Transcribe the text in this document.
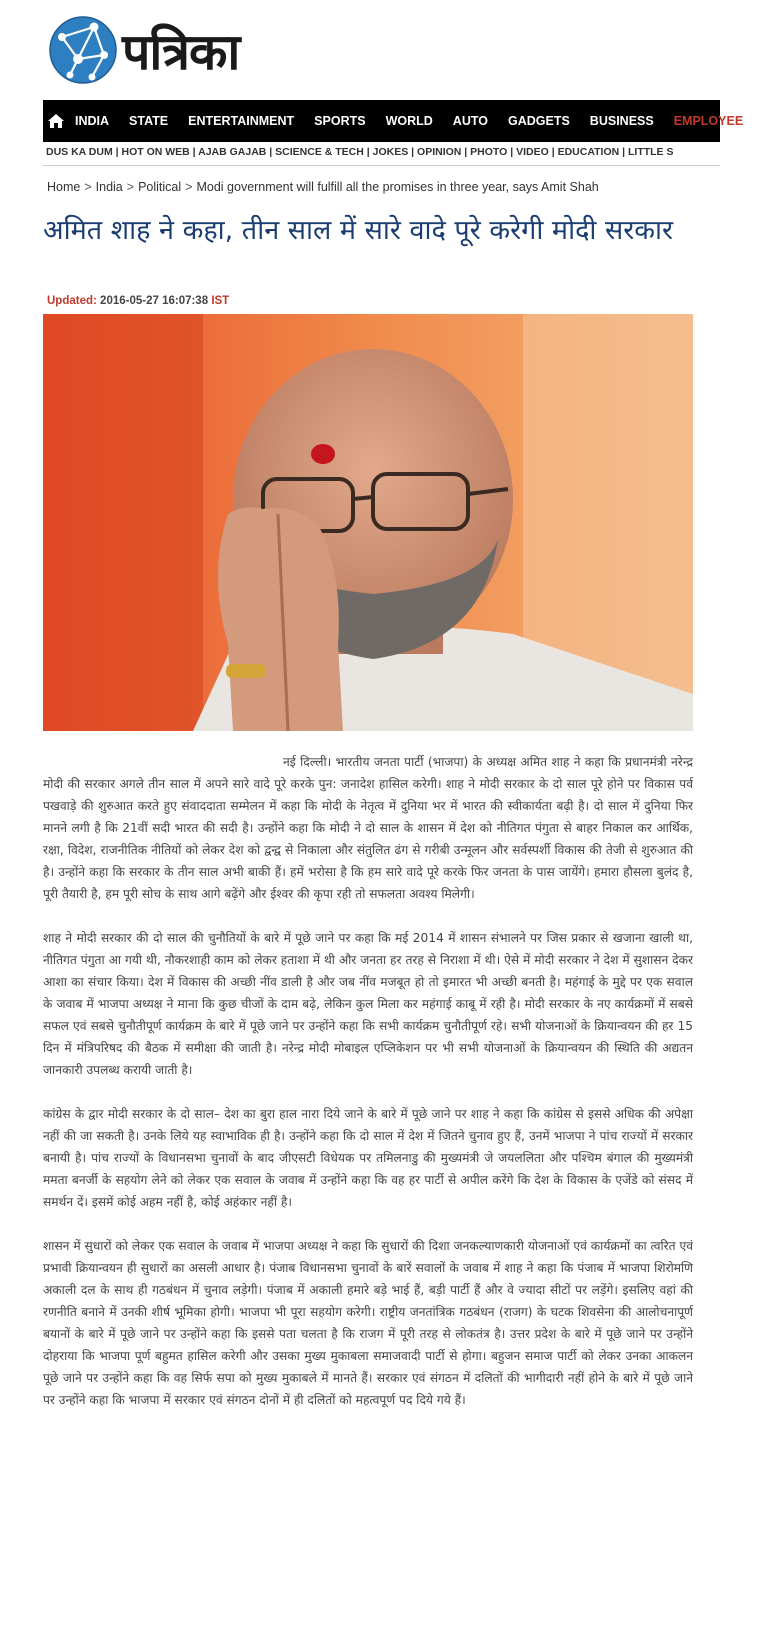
पत्रिका
INDIA	STATE	ENTERTAINMENT	SPORTS	WORLD	AUTO	GADGETS	BUSINESS	EMPLOYEE
DUS KA DUM | HOT ON WEB | AJAB GAJAB | SCIENCE & TECH | JOKES | OPINION | PHOTO | VIDEO | EDUCATION | LITTLE S
Home > India > Political > Modi government will fulfill all the promises in three year, says Amit Shah
अमित शाह ने कहा, तीन साल में सारे वादे पूरे करेगी मोदी सरकार
Updated: 2016-05-27 16:07:38 IST

नई दिल्ली। भारतीय जनता पार्टी (भाजपा) के अध्यक्ष अमित शाह ने कहा कि प्रधानमंत्री नरेन्द्र मोदी की सरकार अगले तीन साल में अपने सारे वादे पूरे करके पुन: जनादेश हासिल करेगी। शाह ने मोदी सरकार के दो साल पूरे होने पर विकास पर्व पखवाड़े की शुरुआत करते हुए संवाददाता सम्मेलन में कहा कि मोदी के नेतृत्व में दुनिया भर में भारत की स्वीकार्यता बढ़ी है। दो साल में दुनिया फिर मानने लगी है कि 21वीं सदी भारत की सदी है। उन्होंने कहा कि मोदी ने दो साल के शासन में देश को नीतिगत पंगुता से बाहर निकाल कर आर्थिक, रक्षा, विदेश, राजनीतिक नीतियों को लेकर देश को द्वन्द्व से निकाला और संतुलित ढंग से गरीबी उन्मूलन और सर्वस्पर्शी विकास की तेजी से शुरुआत की है। उन्होंने कहा कि सरकार के तीन साल अभी बाकी हैं। हमें भरोसा है कि हम सारे वादे पूरे करके फिर जनता के पास जायेंगे। हमारा हौसला बुलंद है, पूरी तैयारी है, हम पूरी सोच के साथ आगे बढ़ेंगे और ईश्वर की कृपा रही तो सफलता अवश्य मिलेगी।

शाह ने मोदी सरकार की दो साल की चुनौतियों के बारे में पूछे जाने पर कहा कि मई 2014 में शासन संभालने पर जिस प्रकार से खजाना खाली था, नीतिगत पंगुता आ गयी थी, नौकरशाही काम को लेकर हताशा में थी और जनता हर तरह से निराशा में थी। ऐसे में मोदी सरकार ने देश में सुशासन देकर आशा का संचार किया। देश में विकास की अच्छी नींव डाली है और जब नींव मजबूत हो तो इमारत भी अच्छी बनती है। महंगाई के मुद्दे पर एक सवाल के जवाब में भाजपा अध्यक्ष ने माना कि कुछ चीजों के दाम बढ़े, लेकिन कुल मिला कर महंगाई काबू में रही है। मोदी सरकार के नए कार्यक्रमों में सबसे सफल एवं सबसे चुनौतीपूर्ण कार्यक्रम के बारे में पूछे जाने पर उन्होंने कहा कि सभी कार्यक्रम चुनौतीपूर्ण रहे। सभी योजनाओं के क्रियान्वयन की हर 15 दिन में मंत्रिपरिषद की बैठक में समीक्षा की जाती है। नरेन्द्र मोदी मोबाइल एप्लिकेशन पर भी सभी योजनाओं के क्रियान्वयन की स्थिति की अद्यतन जानकारी उपलब्ध करायी जाती है।

कांग्रेस के द्वार मोदी सरकार के दो साल– देश का बुरा हाल नारा दिये जाने के बारे में पूछे जाने पर शाह ने कहा कि कांग्रेस से इससे अधिक की अपेक्षा नहीं की जा सकती है। उनके लिये यह स्वाभाविक ही है। उन्होंने कहा कि दो साल में देश में जितने चुनाव हुए हैं, उनमें भाजपा ने पांच राज्यों में सरकार बनायी है। पांच राज्यों के विधानसभा चुनावों के बाद जीएसटी विधेयक पर तमिलनाडु की मुख्यमंत्री जे जयललिता और पश्चिम बंगाल की मुख्यमंत्री ममता बनर्जी के सहयोग लेने को लेकर एक सवाल के जवाब में उन्होंने कहा कि वह हर पार्टी से अपील करेंगे कि देश के विकास के एजेंडे को संसद में समर्थन दें। इसमें कोई अहम नहीं है, कोई अहंकार नहीं है।

शासन में सुधारों को लेकर एक सवाल के जवाब में भाजपा अध्यक्ष ने कहा कि सुधारों की दिशा जनकल्याणकारी योजनाओं एवं कार्यक्रमों का त्वरित एवं प्रभावी क्रियान्वयन ही सुधारों का असली आधार है। पंजाब विधानसभा चुनावों के बारें सवालों के जवाब में शाह ने कहा कि पंजाब में भाजपा शिरोमणि अकाली दल के साथ ही गठबंधन में चुनाव लड़ेगी। पंजाब में अकाली हमारे बड़े भाई हैं, बड़ी पार्टी हैं और वे ज्यादा सीटों पर लड़ेंगे। इसलिए वहां की रणनीति बनाने में उनकी शीर्ष भूमिका होगी। भाजपा भी पूरा सहयोग करेगी। राष्ट्रीय जनतांत्रिक गठबंधन (राजग) के घटक शिवसेना की आलोचनापूर्ण बयानों के बारे में पूछे जाने पर उन्होंने कहा कि इससे पता चलता है कि राजग में पूरी तरह से लोकतंत्र है। उत्तर प्रदेश के बारे में पूछे जाने पर उन्होंने दोहराया कि भाजपा पूर्ण बहुमत हासिल करेगी और उसका मुख्य मुकाबला समाजवादी पार्टी से होगा। बहुजन समाज पार्टी को लेकर उनका आकलन पूछे जाने पर उन्होंने कहा कि वह सिर्फ सपा को मुख्य मुकाबले में मानते हैं। सरकार एवं संगठन में दलितों की भागीदारी नहीं होने के बारे में पूछे जाने पर उन्होंने कहा कि भाजपा में सरकार एवं संगठन दोनों में ही दलितों को महत्वपूर्ण पद दिये गये हैं।
